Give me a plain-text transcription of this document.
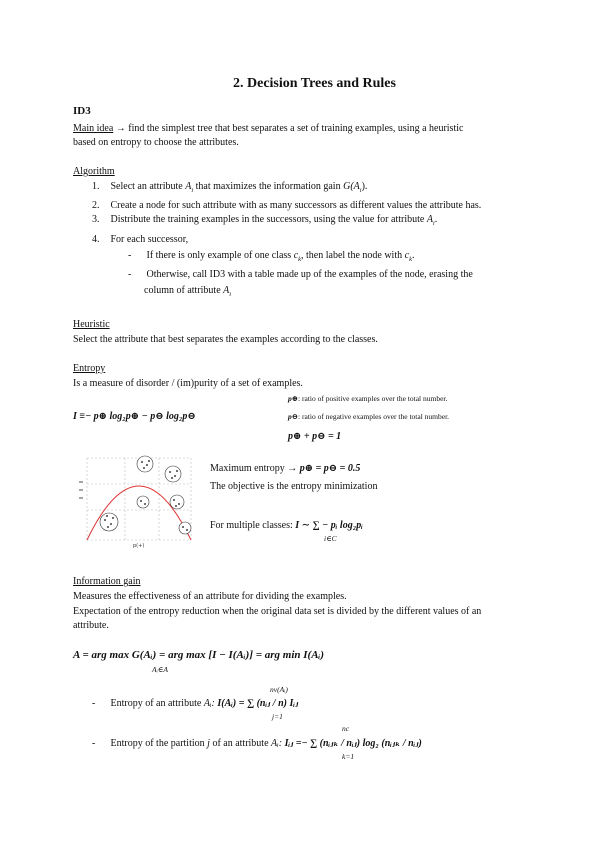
2. Decision Trees and Rules
ID3
Main idea → find the simplest tree that best separates a set of training examples, using a heuristic
based on entropy to choose the attributes.
Algorithm
1. Select an attribute $A_i$ that maximizes the information gain $G(A_i)$.
2. Create a node for such attribute with as many successors as different values the attribute has.
3. Distribute the training examples in the successors, using the value for attribute $A_i$.
4. For each successor,
- If there is only example of one class $c_k$, then label the node with $c_k$.
- Otherwise, call ID3 with a table made up of the examples of the node, erasing the
column of attribute $A_i$
Heuristic
Select the attribute that best separates the examples according to the classes.
Entropy
Is a measure of disorder / (im)purity of a set of examples.
I ≡− p⊕ log₂p⊕ − p⊖ log₂p⊖
p⊕: ratio of positive examples over the total number.
p⊖: ratio of negative examples over the total number.
p⊕ + p⊖ = 1
p(+)
Maximum entropy → p⊕ = p⊖ = 0.5
The objective is the entropy minimization
For multiple classes: I ∼ ∑ − pᵢ log₂pᵢ
i∈C
Information gain
Measures the effectiveness of an attribute for dividing the examples.
Expectation of the entropy reduction when the original data set is divided by the different values of an
attribute.
A = arg max G(Aᵢ) = arg max [I − I(Aᵢ)] = arg min I(Aᵢ)
Aᵢ∈A
nv(Aᵢ)
- Entropy of an attribute Aᵢ: I(Aᵢ) = ∑ (nᵢⱼ / n) Iᵢⱼ
j=1
nc
- Entropy of the partition j of an attribute Aᵢ: Iᵢⱼ =− ∑ (nᵢⱼₖ / nᵢⱼ) log₂ (nᵢⱼₖ / nᵢⱼ)
k=1
